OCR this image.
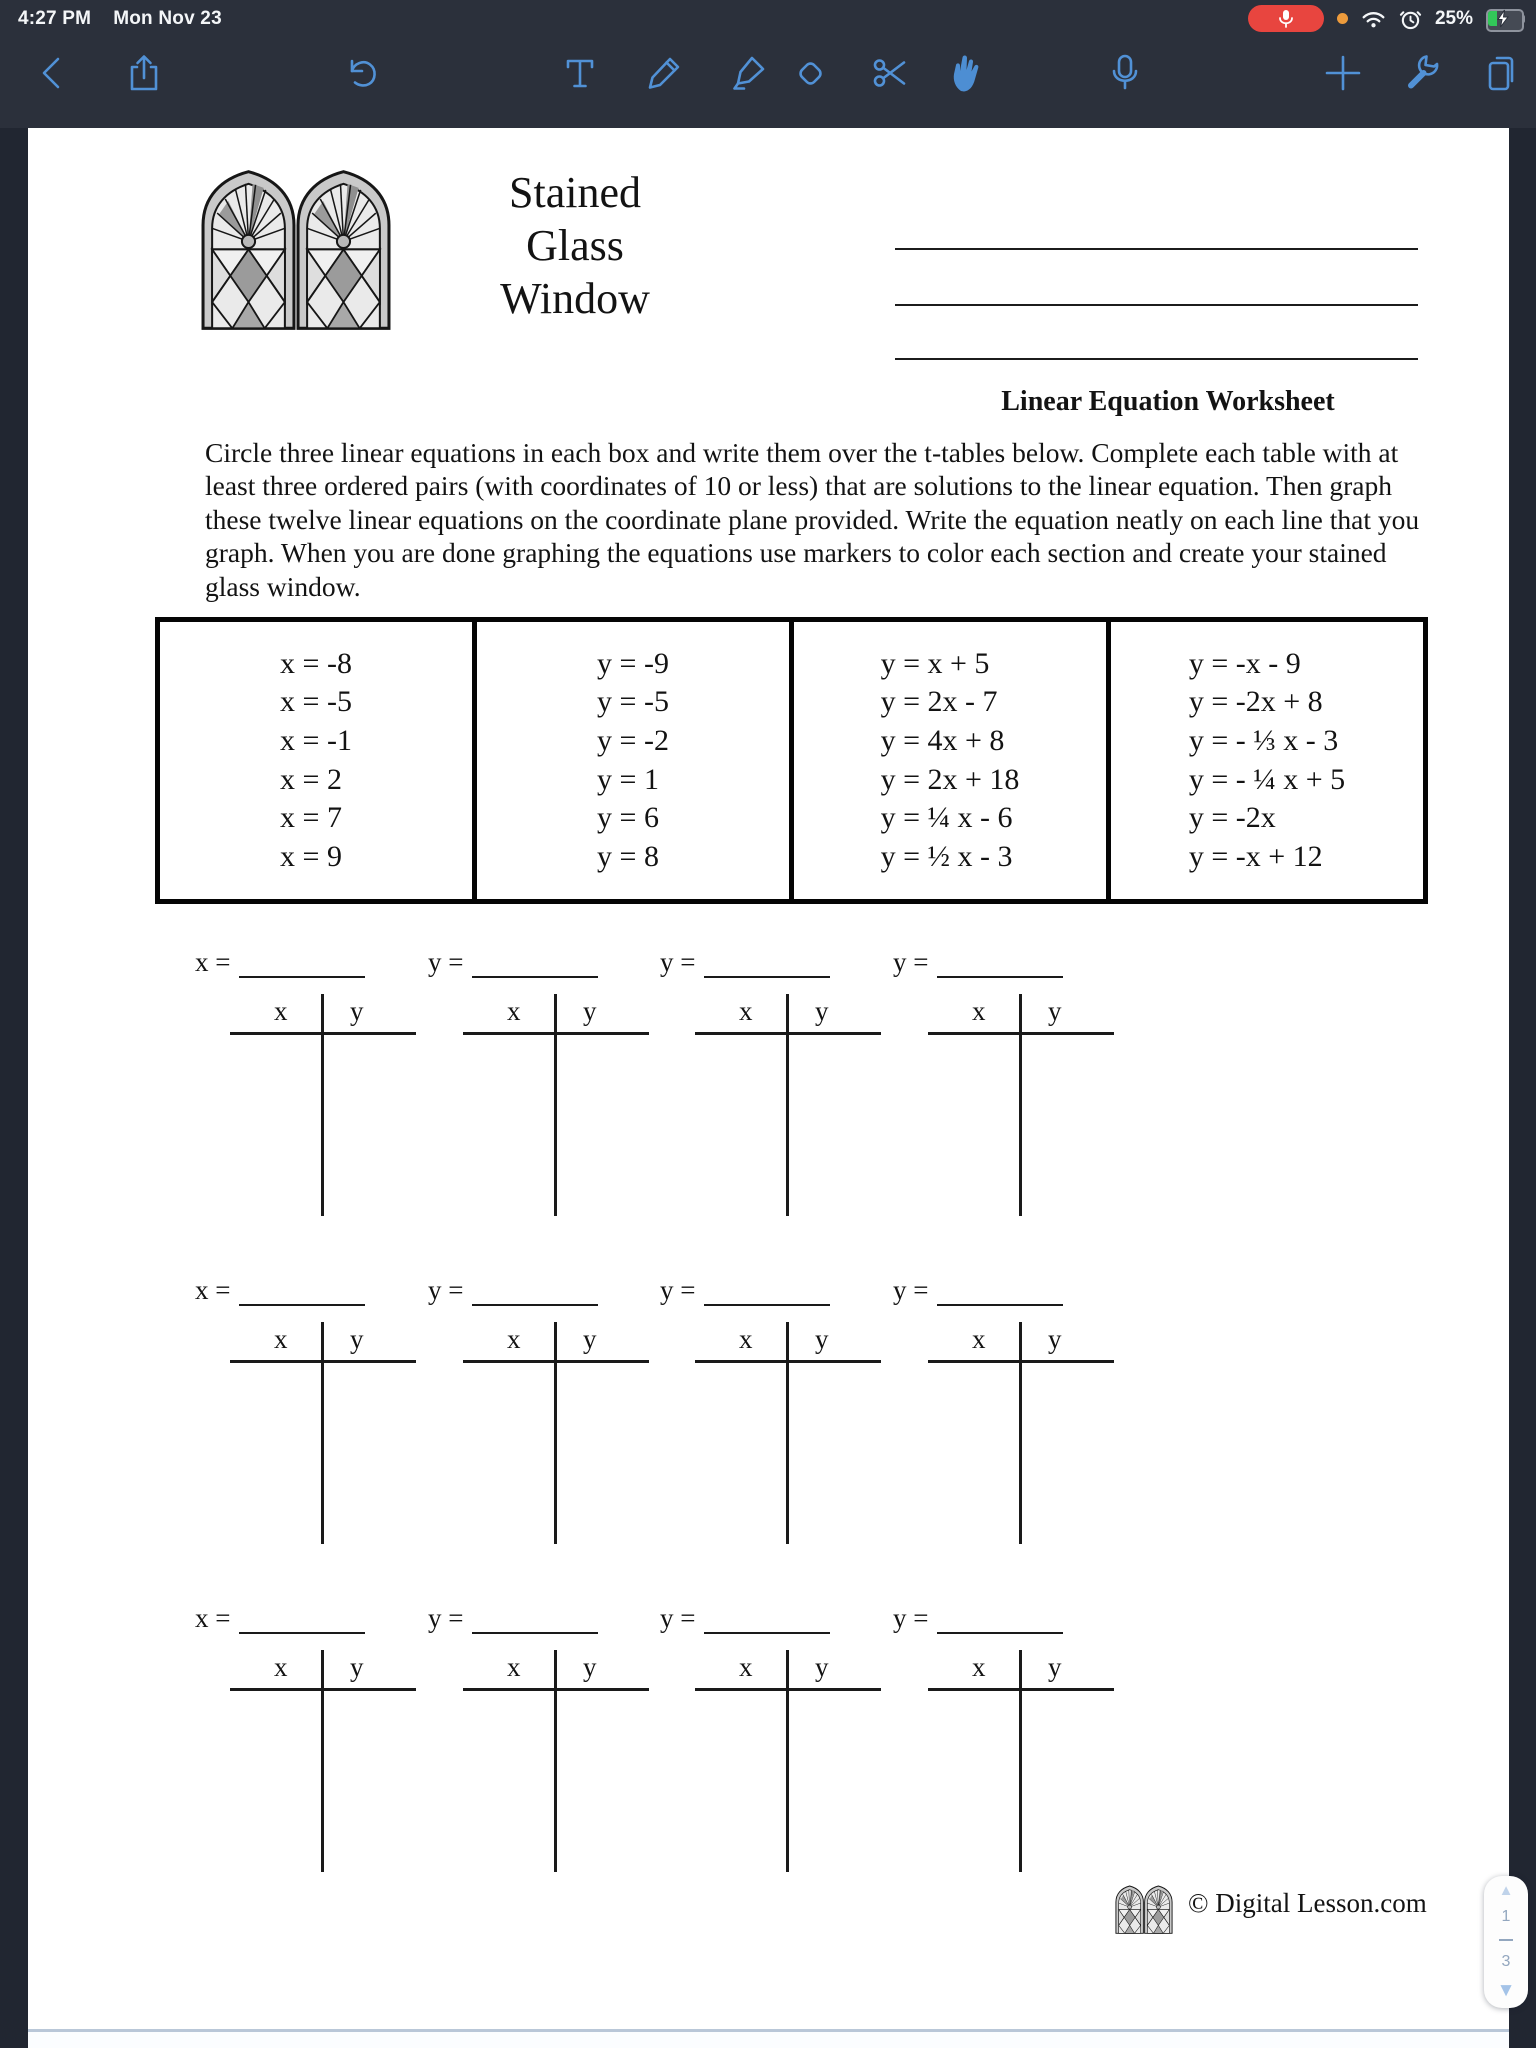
4:27 PM Mon Nov 23	25%
Stained
Glass
Window
Linear Equation Worksheet
Circle three linear equations in each box and write them over the t-tables below. Complete each table with at least three ordered pairs (with coordinates of 10 or less) that are solutions to the linear equation. Then graph these twelve linear equations on the coordinate plane provided. Write the equation neatly on each line that you graph. When you are done graphing the equations use markers to color each section and create your stained glass window.
x = -8
x = -5
x = -1
x = 2
x = 7
x = 9
y = -9
y = -5
y = -2
y = 1
y = 6
y = 8
y = x + 5
y = 2x - 7
y = 4x + 8
y = 2x + 18
y = ¼ x - 6
y = ½ x - 3
y = -x - 9
y = -2x + 8
y = - ⅓ x - 3
y = - ¼ x + 5
y = -2x
y = -x + 12
x =
x y
y =
x y
y =
x y
y =
x y
x =
x y
y =
x y
y =
x y
y =
x y
x =
x y
y =
x y
y =
x y
y =
x y
© Digital Lesson.com	▲
1
3
▼
